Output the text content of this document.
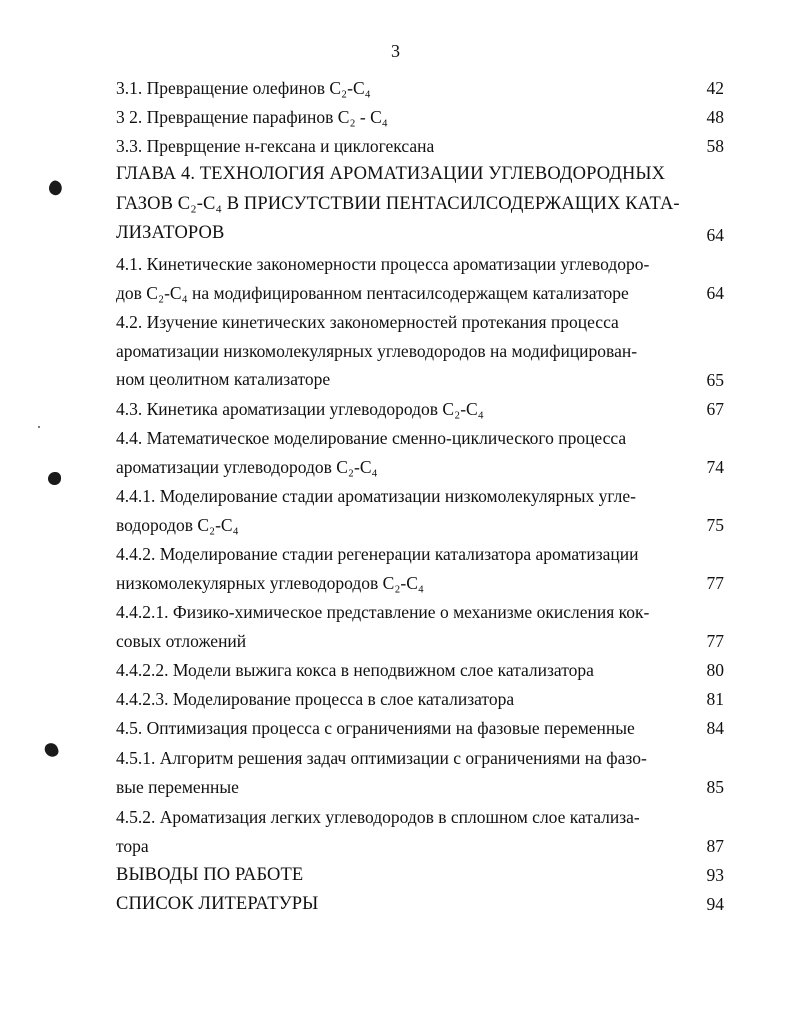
3
3.1. Превращение олефинов C₂-C₄	42
3 2. Превращение парафинов C₂ - C₄	48
3.3. Преврщение н-гексана и циклогексана	58
ГЛАВА 4. ТЕХНОЛОГИЯ АРОМАТИЗАЦИИ УГЛЕВОДОРОДНЫХ
ГАЗОВ C₂-C₄ В ПРИСУТСТВИИ ПЕНТАСИЛСОДЕРЖАЩИХ КАТА-
ЛИЗАТОРОВ	64
4.1. Кинетические закономерности процесса ароматизации углеводоро-
дов C₂-C₄ на модифицированном пентасилсодержащем катализаторе	64
4.2. Изучение кинетических закономерностей протекания процесса
ароматизации низкомолекулярных углеводородов на модифицирован-
ном цеолитном катализаторе	65
4.3. Кинетика ароматизации углеводородов C₂-C₄	67
4.4. Математическое моделирование сменно-циклического процесса
ароматизации углеводородов C₂-C₄	74
4.4.1. Моделирование стадии ароматизации низкомолекулярных угле-
водородов C₂-C₄	75
4.4.2. Моделирование стадии регенерации катализатора ароматизации
низкомолекулярных углеводородов C₂-C₄	77
4.4.2.1. Физико-химическое представление о механизме окисления кок-
совых отложений	77
4.4.2.2. Модели выжига кокса в неподвижном слое катализатора	80
4.4.2.3. Моделирование процесса в слое катализатора	81
4.5. Оптимизация процесса с ограничениями на фазовые переменные	84
4.5.1. Алгоритм решения задач оптимизации с ограничениями на фазо-
вые переменные	85
4.5.2. Ароматизация легких углеводородов в сплошном слое катализа-
тора	87
ВЫВОДЫ ПО РАБОТЕ	93
СПИСОК ЛИТЕРАТУРЫ	94
